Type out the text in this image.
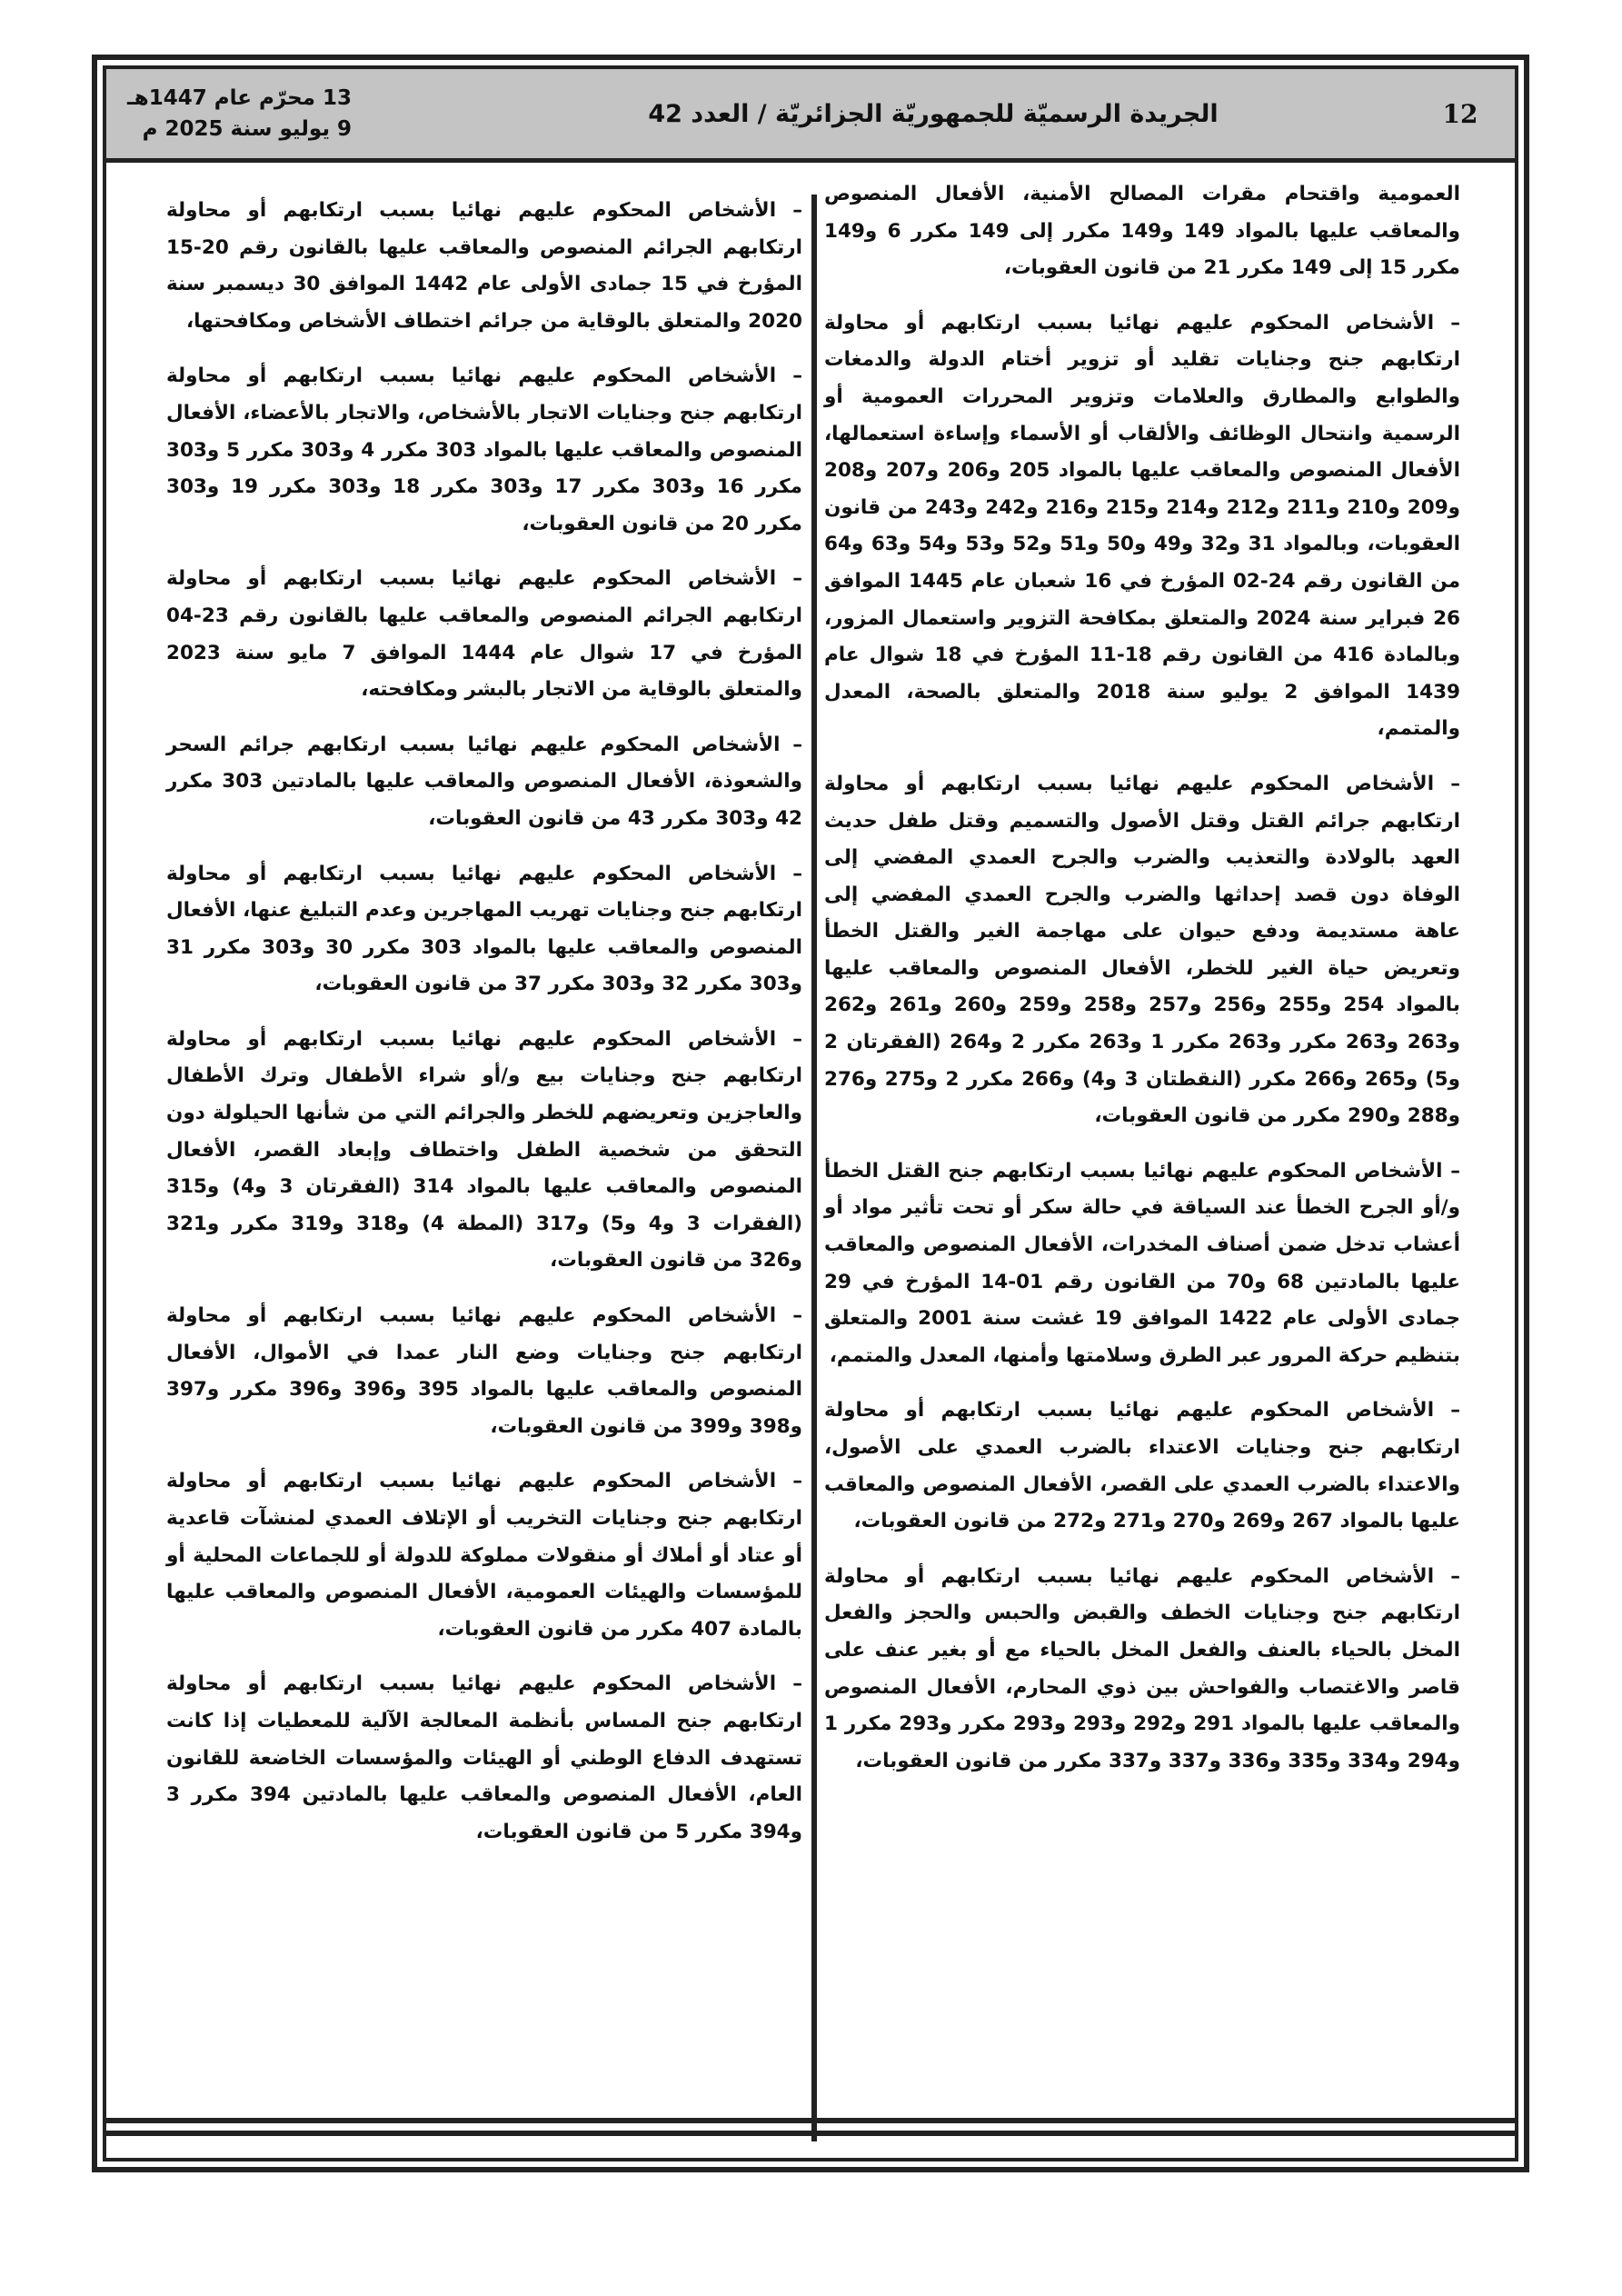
12
الجريدة الرسميّة للجمهوريّة الجزائريّة / العدد 42
13 محرّم عام 1447هـ
9 يوليو سنة 2025 م

العمومية واقتحام مقرات المصالح الأمنية، الأفعال المنصوص والمعاقب عليها بالمواد 149 و149 مكرر إلى 149 مكرر 6 و149 مكرر 15 إلى 149 مكرر 21 من قانون العقوبات،

– الأشخاص المحكوم عليهم نهائيا بسبب ارتكابهم أو محاولة ارتكابهم جنح وجنايات تقليد أو تزوير أختام الدولة والدمغات والطوابع والمطارق والعلامات وتزوير المحررات العمومية أو الرسمية وانتحال الوظائف والألقاب أو الأسماء وإساءة استعمالها، الأفعال المنصوص والمعاقب عليها بالمواد 205 و206 و207 و208 و209 و210 و211 و212 و214 و215 و216 و242 و243 من قانون العقوبات، وبالمواد 31 و32 و49 و50 و51 و52 و53 و54 و63 و64 من القانون رقم 24-02 المؤرخ في 16 شعبان عام 1445 الموافق 26 فبراير سنة 2024 والمتعلق بمكافحة التزوير واستعمال المزور، وبالمادة 416 من القانون رقم 18-11 المؤرخ في 18 شوال عام 1439 الموافق 2 يوليو سنة 2018 والمتعلق بالصحة، المعدل والمتمم،

– الأشخاص المحكوم عليهم نهائيا بسبب ارتكابهم أو محاولة ارتكابهم جرائم القتل وقتل الأصول والتسميم وقتل طفل حديث العهد بالولادة والتعذيب والضرب والجرح العمدي المفضي إلى الوفاة دون قصد إحداثها والضرب والجرح العمدي المفضي إلى عاهة مستديمة ودفع حيوان على مهاجمة الغير والقتل الخطأ وتعريض حياة الغير للخطر، الأفعال المنصوص والمعاقب عليها بالمواد 254 و255 و256 و257 و258 و259 و260 و261 و262 و263 و263 مكرر و263 مكرر 1 و263 مكرر 2 و264 (الفقرتان 2 و5) و265 و266 مكرر (النقطتان 3 و4) و266 مكرر 2 و275 و276 و288 و290 مكرر من قانون العقوبات،

– الأشخاص المحكوم عليهم نهائيا بسبب ارتكابهم جنح القتل الخطأ و/أو الجرح الخطأ عند السياقة في حالة سكر أو تحت تأثير مواد أو أعشاب تدخل ضمن أصناف المخدرات، الأفعال المنصوص والمعاقب عليها بالمادتين 68 و70 من القانون رقم 01-14 المؤرخ في 29 جمادى الأولى عام 1422 الموافق 19 غشت سنة 2001 والمتعلق بتنظيم حركة المرور عبر الطرق وسلامتها وأمنها، المعدل والمتمم،

– الأشخاص المحكوم عليهم نهائيا بسبب ارتكابهم أو محاولة ارتكابهم جنح وجنايات الاعتداء بالضرب العمدي على الأصول، والاعتداء بالضرب العمدي على القصر، الأفعال المنصوص والمعاقب عليها بالمواد 267 و269 و270 و271 و272 من قانون العقوبات،

– الأشخاص المحكوم عليهم نهائيا بسبب ارتكابهم أو محاولة ارتكابهم جنح وجنايات الخطف والقبض والحبس والحجز والفعل المخل بالحياء بالعنف والفعل المخل بالحياء مع أو بغير عنف على قاصر والاغتصاب والفواحش بين ذوي المحارم، الأفعال المنصوص والمعاقب عليها بالمواد 291 و292 و293 و293 مكرر و293 مكرر 1 و294 و334 و335 و336 و337 و337 مكرر من قانون العقوبات،

– الأشخاص المحكوم عليهم نهائيا بسبب ارتكابهم أو محاولة ارتكابهم الجرائم المنصوص والمعاقب عليها بالقانون رقم 20-15 المؤرخ في 15 جمادى الأولى عام 1442 الموافق 30 ديسمبر سنة 2020 والمتعلق بالوقاية من جرائم اختطاف الأشخاص ومكافحتها،

– الأشخاص المحكوم عليهم نهائيا بسبب ارتكابهم أو محاولة ارتكابهم جنح وجنايات الاتجار بالأشخاص، والاتجار بالأعضاء، الأفعال المنصوص والمعاقب عليها بالمواد 303 مكرر 4 و303 مكرر 5 و303 مكرر 16 و303 مكرر 17 و303 مكرر 18 و303 مكرر 19 و303 مكرر 20 من قانون العقوبات،

– الأشخاص المحكوم عليهم نهائيا بسبب ارتكابهم أو محاولة ارتكابهم الجرائم المنصوص والمعاقب عليها بالقانون رقم 23-04 المؤرخ في 17 شوال عام 1444 الموافق 7 مايو سنة 2023 والمتعلق بالوقاية من الاتجار بالبشر ومكافحته،

– الأشخاص المحكوم عليهم نهائيا بسبب ارتكابهم جرائم السحر والشعوذة، الأفعال المنصوص والمعاقب عليها بالمادتين 303 مكرر 42 و303 مكرر 43 من قانون العقوبات،

– الأشخاص المحكوم عليهم نهائيا بسبب ارتكابهم أو محاولة ارتكابهم جنح وجنايات تهريب المهاجرين وعدم التبليغ عنها، الأفعال المنصوص والمعاقب عليها بالمواد 303 مكرر 30 و303 مكرر 31 و303 مكرر 32 و303 مكرر 37 من قانون العقوبات،

– الأشخاص المحكوم عليهم نهائيا بسبب ارتكابهم أو محاولة ارتكابهم جنح وجنايات بيع و/أو شراء الأطفال وترك الأطفال والعاجزين وتعريضهم للخطر والجرائم التي من شأنها الحيلولة دون التحقق من شخصية الطفل واختطاف وإبعاد القصر، الأفعال المنصوص والمعاقب عليها بالمواد 314 (الفقرتان 3 و4) و315 (الفقرات 3 و4 و5) و317 (المطة 4) و318 و319 مكرر و321 و326 من قانون العقوبات،

– الأشخاص المحكوم عليهم نهائيا بسبب ارتكابهم أو محاولة ارتكابهم جنح وجنايات وضع النار عمدا في الأموال، الأفعال المنصوص والمعاقب عليها بالمواد 395 و396 و396 مكرر و397 و398 و399 من قانون العقوبات،

– الأشخاص المحكوم عليهم نهائيا بسبب ارتكابهم أو محاولة ارتكابهم جنح وجنايات التخريب أو الإتلاف العمدي لمنشآت قاعدية أو عتاد أو أملاك أو منقولات مملوكة للدولة أو للجماعات المحلية أو للمؤسسات والهيئات العمومية، الأفعال المنصوص والمعاقب عليها بالمادة 407 مكرر من قانون العقوبات،

– الأشخاص المحكوم عليهم نهائيا بسبب ارتكابهم أو محاولة ارتكابهم جنح المساس بأنظمة المعالجة الآلية للمعطيات إذا كانت تستهدف الدفاع الوطني أو الهيئات والمؤسسات الخاضعة للقانون العام، الأفعال المنصوص والمعاقب عليها بالمادتين 394 مكرر 3 و394 مكرر 5 من قانون العقوبات،
